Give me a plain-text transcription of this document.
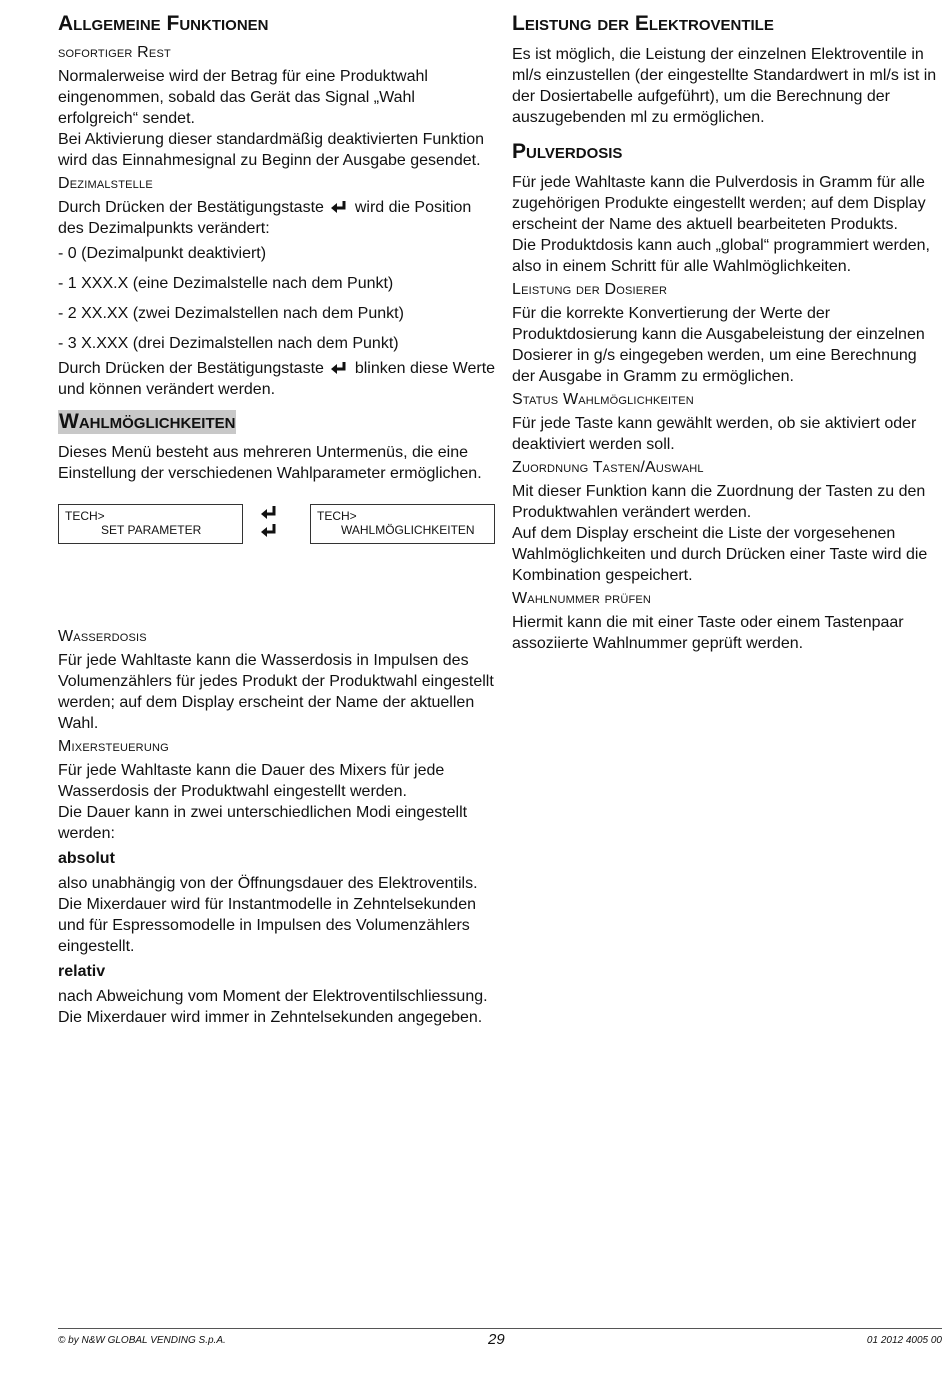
Allgemeine Funktionen
sofortiger Rest

Normalerweise wird der Betrag für eine Produktwahl eingenommen, sobald das Gerät das Signal „Wahl erfolgreich“ sendet.

Bei Aktivierung dieser standardmäßig deaktivierten Funktion wird das Einnahmesignal zu Beginn der Ausgabe gesendet.

Dezimalstelle

Durch Drücken der Bestätigungstaste wird die Position des Dezimalpunkts verändert:

- 0 (Dezimalpunkt deaktiviert)
- 1 XXX.X (eine Dezimalstelle nach dem Punkt)
- 2 XX.XX (zwei Dezimalstellen nach dem Punkt)
- 3 X.XXX (drei Dezimalstellen nach dem Punkt)

Durch Drücken der Bestätigungstaste blinken diese Werte und können verändert werden.

Wahlmöglichkeiten

Dieses Menü besteht aus mehreren Untermenüs, die eine Einstellung der verschiedenen Wahlparameter ermöglichen.

TECH>
SET PARAMETER
TECH>
WAHLMÖGLICHKEITEN
Wasserdosis

Für jede Wahltaste kann die Wasserdosis in Impulsen des Volumenzählers für jedes Produkt der Produktwahl eingestellt werden; auf dem Display erscheint der Name der aktuellen Wahl.

Mixersteuerung

Für jede Wahltaste kann die Dauer des Mixers für jede Wasserdosis der Produktwahl eingestellt werden.

Die Dauer kann in zwei unterschiedlichen Modi eingestellt werden:

absolut

also unabhängig von der Öffnungsdauer des Elektroventils. Die Mixerdauer wird für Instantmodelle in Zehntelsekunden und für Espressomodelle in Impulsen des Volumenzählers eingestellt.

relativ

nach Abweichung vom Moment der Elektroventilschliessung.

Die Mixerdauer wird immer in Zehntelsekunden angegeben.

Leistung der Elektroventile

Es ist möglich, die Leistung der einzelnen Elektroventile in ml/s einzustellen (der eingestellte Standardwert in ml/s ist in der Dosiertabelle aufgeführt), um die Berechnung der auszugebenden ml zu ermöglichen.

Pulverdosis

Für jede Wahltaste kann die Pulverdosis in Gramm für alle zugehörigen Produkte eingestellt werden; auf dem Display erscheint der Name des aktuell bearbeiteten Produkts.

Die Produktdosis kann auch „global“ programmiert werden, also in einem Schritt für alle Wahlmöglichkeiten.

Leistung der Dosierer

Für die korrekte Konvertierung der Werte der Produktdosierung kann die Ausgabeleistung der einzelnen Dosierer in g/s eingegeben werden, um eine Berechnung der Ausgabe in Gramm zu ermöglichen.

Status Wahlmöglichkeiten

Für jede Taste kann gewählt werden, ob sie aktiviert oder deaktiviert werden soll.

Zuordnung Tasten/Auswahl

Mit dieser Funktion kann die Zuordnung der Tasten zu den Produktwahlen verändert werden.

Auf dem Display erscheint die Liste der vorgesehenen Wahlmöglichkeiten und durch Drücken einer Taste wird die Kombination gespeichert.

Wahlnummer prüfen

Hiermit kann die mit einer Taste oder einem Tastenpaar assoziierte Wahlnummer geprüft werden.

© by N&W GLOBAL VENDING S.p.A.	29	01 2012 4005 00
